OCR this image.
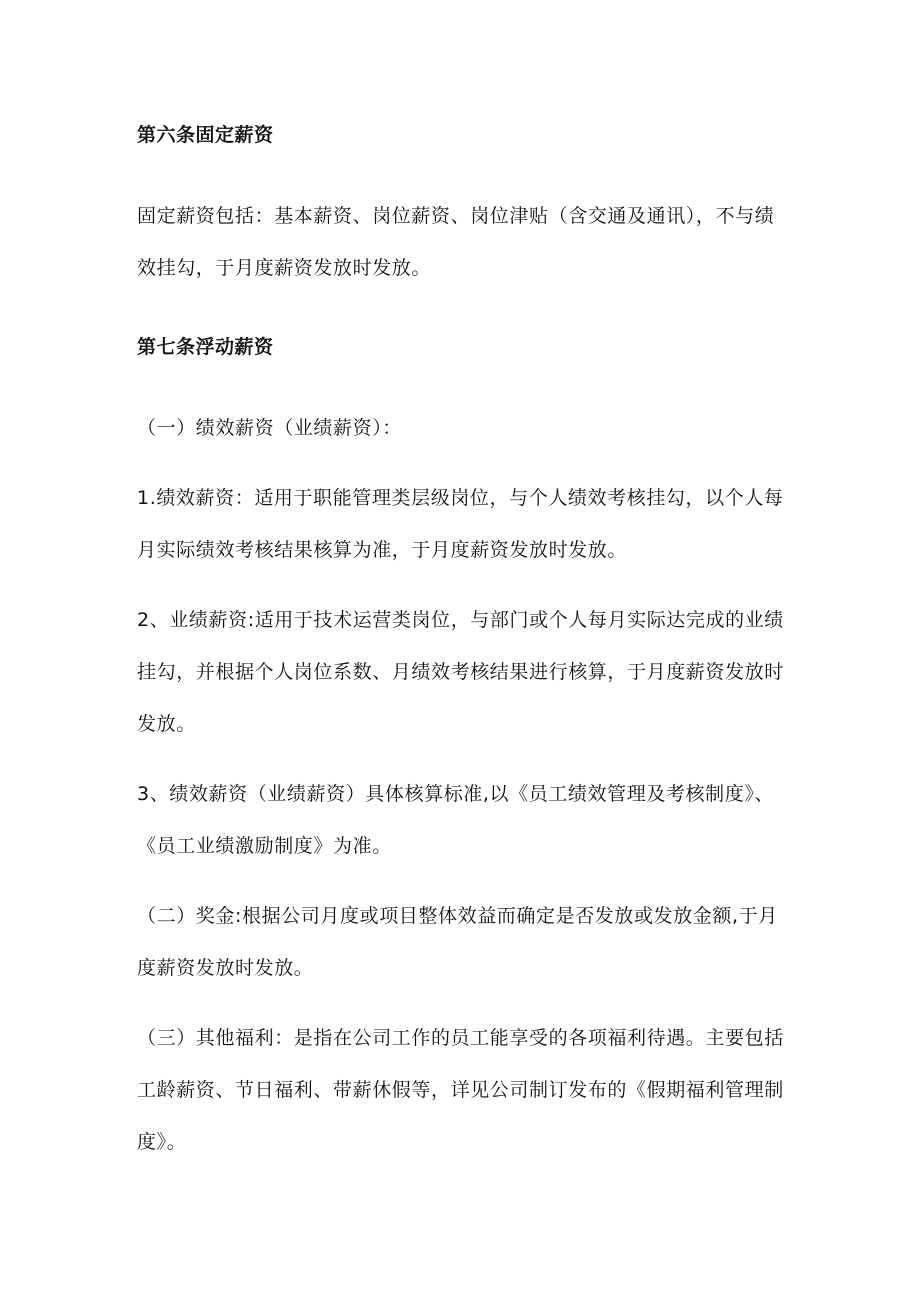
第六条固定薪资

固定薪资包括：基本薪资、岗位薪资、岗位津贴（含交通及通讯），不与绩效挂勾，于月度薪资发放时发放。

第七条浮动薪资

（一）绩效薪资（业绩薪资）：

1.绩效薪资：适用于职能管理类层级岗位，与个人绩效考核挂勾，以个人每月实际绩效考核结果核算为准，于月度薪资发放时发放。

2、业绩薪资:适用于技术运营类岗位，与部门或个人每月实际达完成的业绩挂勾，并根据个人岗位系数、月绩效考核结果进行核算，于月度薪资发放时发放。

3、绩效薪资（业绩薪资）具体核算标准,以《员工绩效管理及考核制度》、《员工业绩激励制度》为准。

（二）奖金:根据公司月度或项目整体效益而确定是否发放或发放金额,于月度薪资发放时发放。

（三）其他福利：是指在公司工作的员工能享受的各项福利待遇。主要包括工龄薪资、节日福利、带薪休假等，详见公司制订发布的《假期福利管理制度》。
